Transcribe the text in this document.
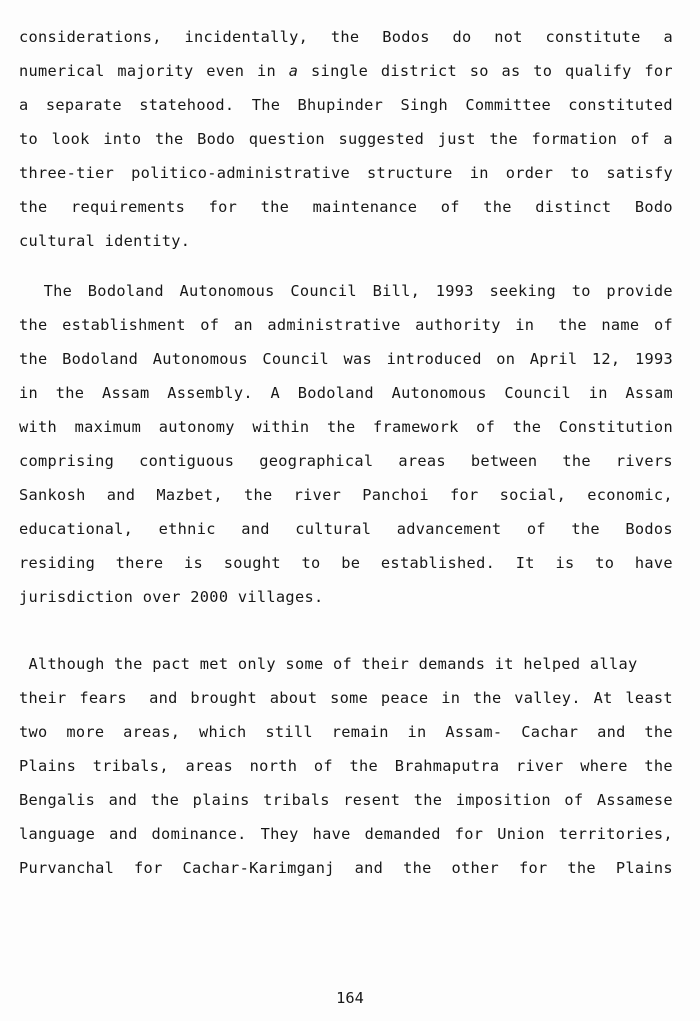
considerations, incidentally, the Bodos do not constitute a
numerical majority even in a single district so as to qualify for
a separate statehood. The Bhupinder Singh Committee constituted
to look into the Bodo question suggested just the formation of a
three-tier politico-administrative structure in order to satisfy
the requirements for the maintenance of the distinct Bodo
cultural identity.
The Bodoland Autonomous Council Bill, 1993 seeking to provide
the establishment of an administrative authority in the name of
the Bodoland Autonomous Council was introduced on April 12, 1993
in the Assam Assembly. A Bodoland Autonomous Council in Assam
with maximum autonomy within the framework of the Constitution
comprising contiguous geographical areas between the rivers
Sankosh and Mazbet, the river Panchoi for social, economic,
educational, ethnic and cultural advancement of the Bodos
residing there is sought to be established. It is to have
jurisdiction over 2000 villages.
Although the pact met only some of their demands it helped allay
their fears and brought about some peace in the valley. At least
two more areas, which still remain in Assam- Cachar and the
Plains tribals, areas north of the Brahmaputra river where the
Bengalis and the plains tribals resent the imposition of Assamese
language and dominance. They have demanded for Union territories,
Purvanchal for Cachar-Karimganj and the other for the Plains
164
